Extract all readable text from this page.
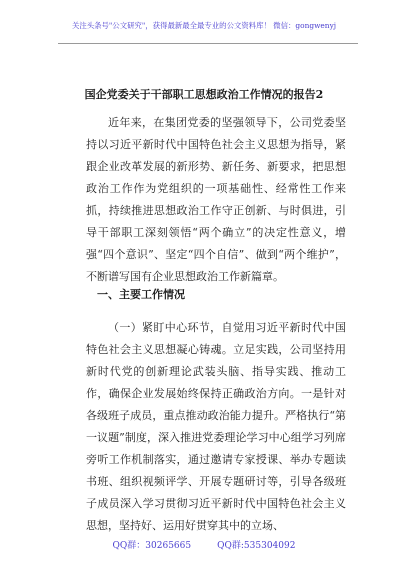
关注头条号"公文研究"，获得最新最全最专业的公文资料库！ 微信：gongwenyj
国企党委关于干部职工思想政治工作情况的报告2

近年来，在集团党委的坚强领导下，公司党委坚持以习近平新时代中国特色社会主义思想为指导，紧跟企业改革发展的新形势、新任务、新要求，把思想政治工作作为党组织的一项基础性、经常性工作来抓，持续推进思想政治工作守正创新、与时俱进，引导干部职工深刻领悟“两个确立”的决定性意义，增强“四个意识”、坚定“四个自信”、做到“两个维护”，不断谱写国有企业思想政治工作新篇章。

一、主要工作情况

（一）紧盯中心环节，自觉用习近平新时代中国特色社会主义思想凝心铸魂。立足实践，公司坚持用新时代党的创新理论武装头脑、指导实践、推动工作，确保企业发展始终保持正确政治方向。一是针对各级班子成员，重点推动政治能力提升。严格执行“第一议题”制度，深入推进党委理论学习中心组学习列席旁听工作机制落实，通过邀请专家授课、举办专题读书班、组织视频评学、开展专题研讨等，引导各级班子成员深入学习贯彻习近平新时代中国特色社会主义思想，坚持好、运用好贯穿其中的立场、

QQ群：30265665	QQ群:535304092
